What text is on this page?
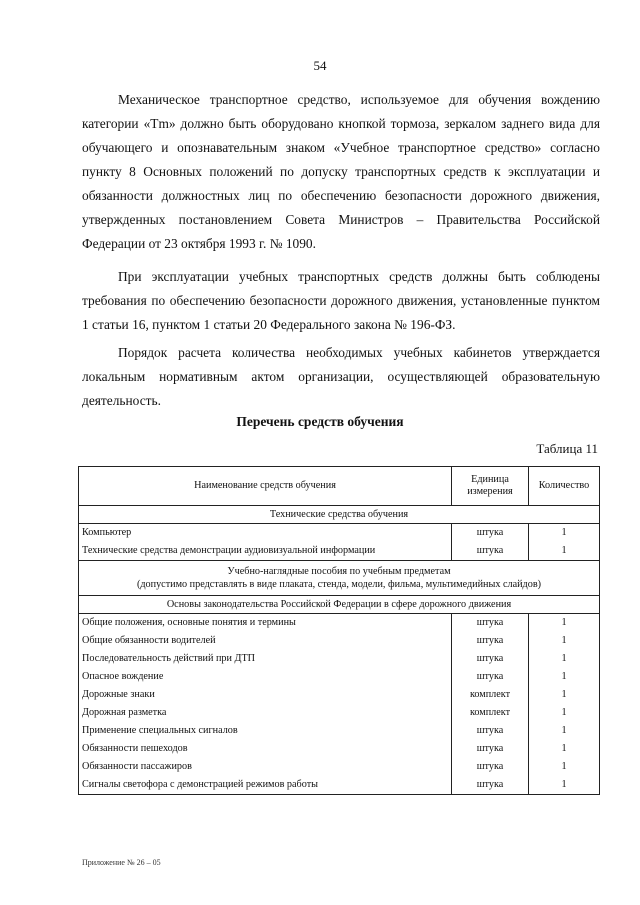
54

Механическое транспортное средство, используемое для обучения вождению категории «Tm» должно быть оборудовано кнопкой тормоза, зеркалом заднего вида для обучающего и опознавательным знаком «Учебное транспортное средство» согласно пункту 8 Основных положений по допуску транспортных средств к эксплуатации и обязанности должностных лиц по обеспечению безопасности дорожного движения, утвержденных постановлением Совета Министров – Правительства Российской Федерации от 23 октября 1993 г. № 1090.

При эксплуатации учебных транспортных средств должны быть соблюдены требования по обеспечению безопасности дорожного движения, установленные пунктом 1 статьи 16, пунктом 1 статьи 20 Федерального закона № 196-ФЗ.

Порядок расчета количества необходимых учебных кабинетов утверждается локальным нормативным актом организации, осуществляющей образовательную деятельность.

Перечень средств обучения
Таблица 11
Наименование средств обучения	Единица измерения	Количество
Технические средства обучения		
Компьютер	штука	1
Технические средства демонстрации аудиовизуальной информации	штука	1
Учебно-наглядные пособия по учебным предметам
(допустимо представлять в виде плаката, стенда, модели, фильма, мультимедийных слайдов)		
Основы законодательства Российской Федерации в сфере дорожного движения		
Общие положения, основные понятия и термины	штука	1
Общие обязанности водителей	штука	1
Последовательность действий при ДТП	штука	1
Опасное вождение	штука	1
Дорожные знаки	комплект	1
Дорожная разметка	комплект	1
Применение специальных сигналов	штука	1
Обязанности пешеходов	штука	1
Обязанности пассажиров	штука	1
Сигналы светофора с демонстрацией режимов работы	штука	1
Приложение № 26 – 05
